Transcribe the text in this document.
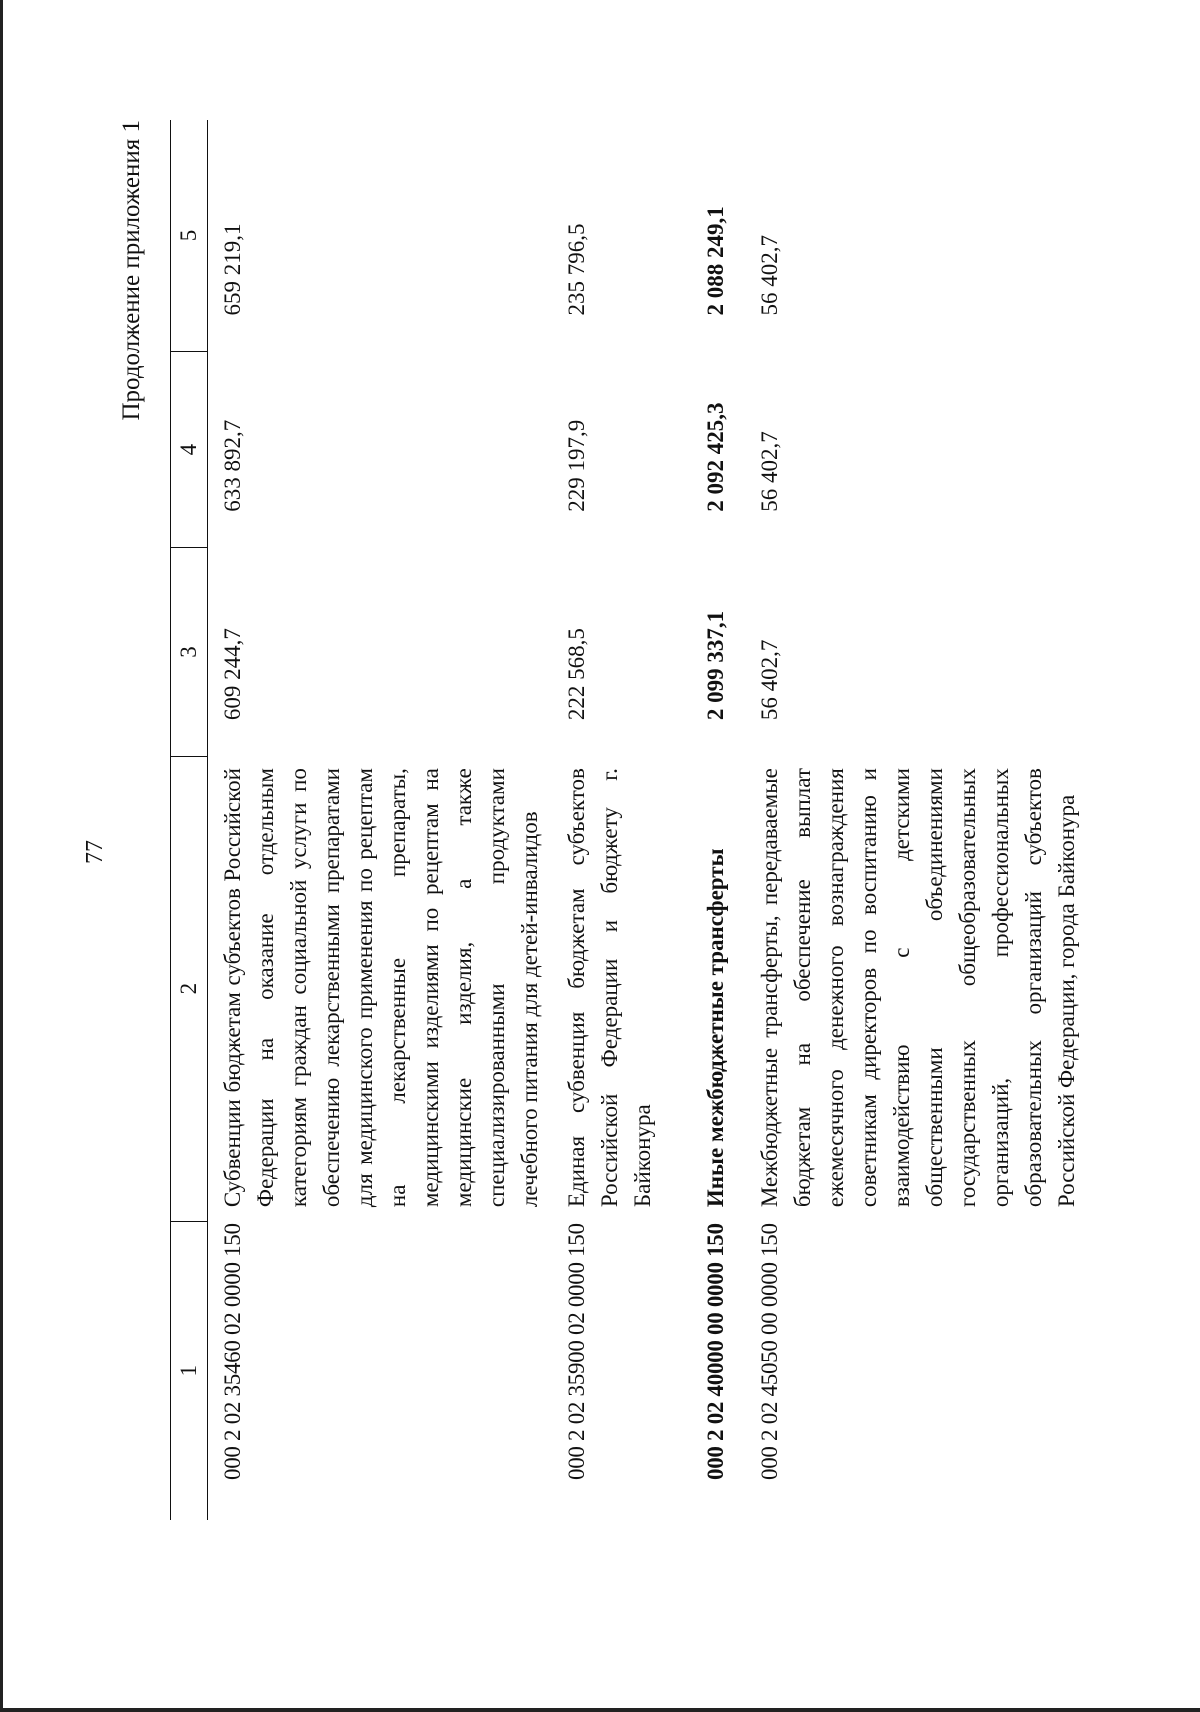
77
Продолжение приложения 1
1	2	3	4	5
000 2 02 35460 02 0000 150	Субвенции бюджетам субъектов Российской Федерации на оказание отдельным категориям граждан социальной услуги по обеспечению лекарственными препаратами для медицинского применения по рецептам на лекарственные препараты, медицинскими изделиями по рецептам на медицинские изделия, а также специализированными продуктами лечебного питания для детей-инвалидов	609 244,7	633 892,7	659 219,1
000 2 02 35900 02 0000 150	Единая субвенция бюджетам субъектов Российской Федерации и бюджету г. Байконура	222 568,5	229 197,9	235 796,5
000 2 02 40000 00 0000 150	Иные межбюджетные трансферты	2 099 337,1	2 092 425,3	2 088 249,1
000 2 02 45050 00 0000 150	Межбюджетные трансферты, передаваемые бюджетам на обеспечение выплат ежемесячного денежного вознаграждения советникам директоров по воспитанию и взаимодействию с детскими общественными объединениями государственных общеобразовательных организаций, профессиональных образовательных организаций субъектов Российской Федерации, города Байконура	56 402,7	56 402,7	56 402,7
